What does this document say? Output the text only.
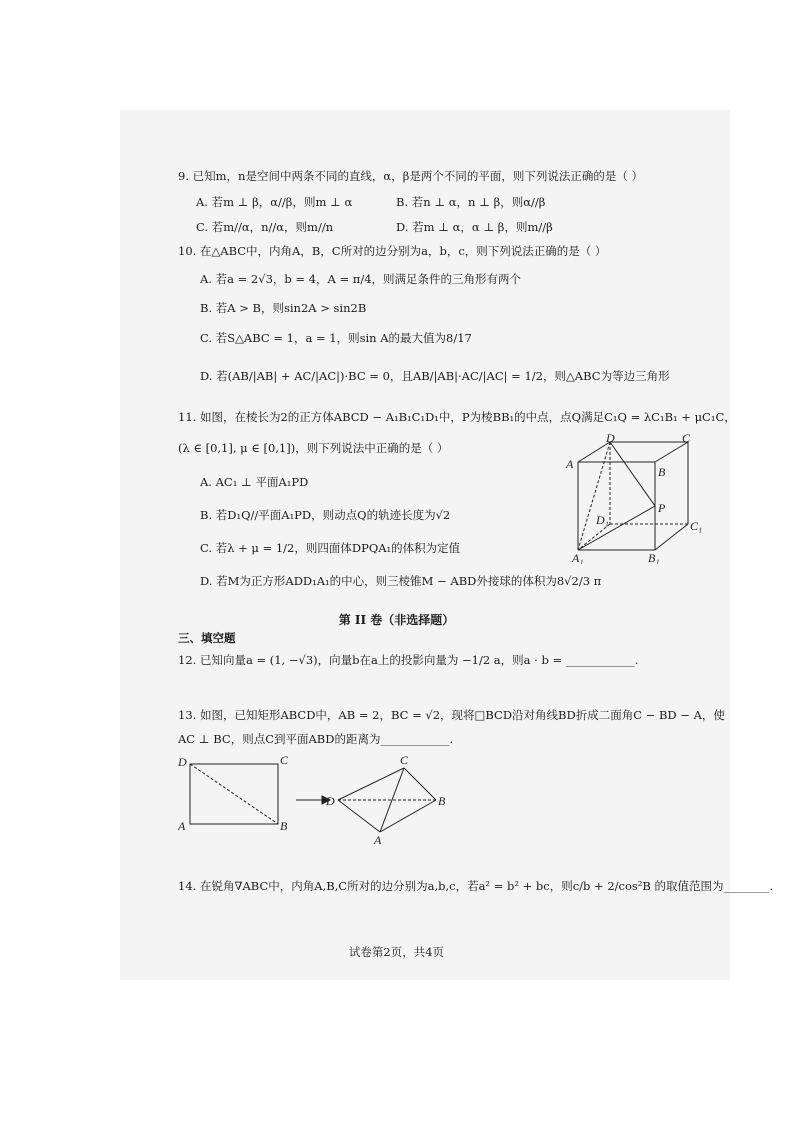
9. 已知m，n是空间中两条不同的直线，α，β是两个不同的平面，则下列说法正确的是（ ）
A. 若m ⊥ β，α//β，则m ⊥ α	B. 若n ⊥ α，n ⊥ β，则α//β
C. 若m//α，n//α，则m//n	D. 若m ⊥ α，α ⊥ β，则m//β
10. 在△ABC中，内角A，B，C所对的边分别为a，b，c，则下列说法正确的是（ ）
A. 若a = 2√3，b = 4，A = π/4，则满足条件的三角形有两个
B. 若A > B，则sin2A > sin2B
C. 若S△ABC = 1，a = 1，则sin A的最大值为8/17
D. 若(AB/|AB| + AC/|AC|)·BC = 0，且AB/|AB|·AC/|AC| = 1/2，则△ABC为等边三角形
11. 如图，在棱长为2的正方体ABCD − A₁B₁C₁D₁中，P为棱BB₁的中点，点Q满足C₁Q = λC₁B₁ + μC₁C，
(λ ∈ [0,1], μ ∈ [0,1])，则下列说法中正确的是（ ）
A. AC₁ ⊥ 平面A₁PD
B. 若D₁Q//平面A₁PD，则动点Q的轨迹长度为√2
C. 若λ + μ = 1/2，则四面体DPQA₁的体积为定值
D. 若M为正方形ADD₁A₁的中心，则三棱锥M − ABD外接球的体积为8√2/3 π
D	C
A
B
P
D₁	C₁
A₁	B₁
第 II 卷（非选择题）
三、填空题
12. 已知向量a = (1, −√3)，向量b在a上的投影向量为 −1/2 a，则a · b = ____________.
13. 如图，已知矩形ABCD中，AB = 2，BC = √2，现将□BCD沿对角线BD折成二面角C − BD − A，使
AC ⊥ BC，则点C到平面ABD的距离为____________.
D	C
A	B
D
C
B
A
14. 在锐角∇ABC中，内角A,B,C所对的边分别为a,b,c，若a² = b² + bc，则c/b + 2/cos²B 的取值范围为________.
试卷第2页，共4页
